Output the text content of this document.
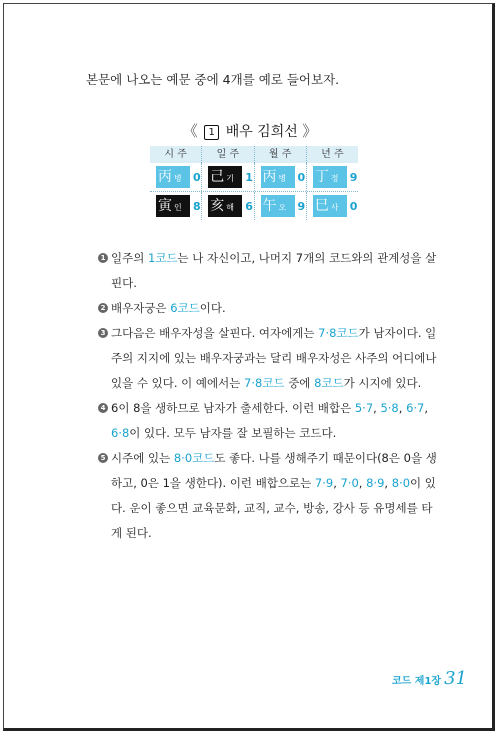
본문에 나오는 예문 중에 4개를 예로 들어보자.
《 1 배우 김희선 》
시 주	일 주	월 주	년 주
丙병	0 己기	1 丙병	0 丁정	9
寅인	8 亥해	6 午오	9 巳사	0
1 일주의 1코드는 나 자신이고, 나머지 7개의 코드와의 관계성을 살핀다.
2 배우자궁은 6코드이다.
3 그다음은 배우자성을 살핀다. 여자에게는 7·8코드가 남자이다. 일주의 지지에 있는 배우자궁과는 달리 배우자성은 사주의 어디에나 있을 수 있다. 이 예에서는 7·8코드 중에 8코드가 시지에 있다.
4 6이 8을 생하므로 남자가 출세한다. 이런 배합은 5·7, 5·8, 6·7, 6·8이 있다. 모두 남자를 잘 보필하는 코드다.
5 시주에 있는 8·0코드도 좋다. 나를 생해주기 때문이다(8은 0을 생하고, 0은 1을 생한다). 이런 배합으로는 7·9, 7·0, 8·9, 8·0이 있다. 운이 좋으면 교육문화, 교직, 교수, 방송, 강사 등 유명세를 타게 된다.
코드 제1장 31
